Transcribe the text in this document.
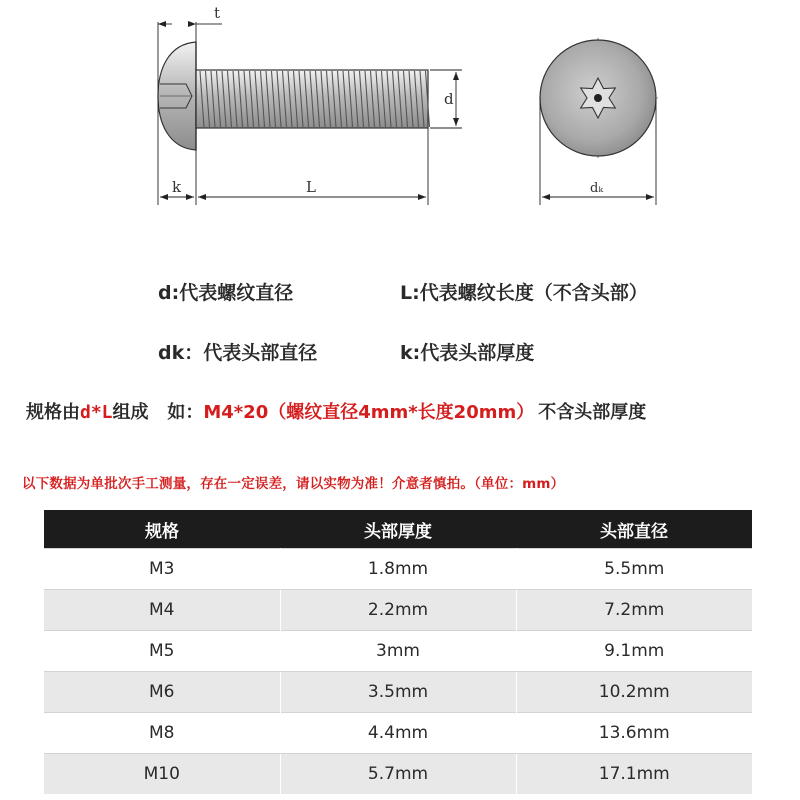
t
k	L
d
dₖ
d:代表螺纹直径	L:代表螺纹长度（不含头部）
dk：代表头部直径	k:代表头部厚度
规格由d*L组成   如：M4*20（螺纹直径4mm*长度20mm） 不含头部厚度
以下数据为单批次手工测量，存在一定误差，请以实物为准！介意者慎拍。（单位：mm）
规格	头部厚度	头部直径
M3	1.8mm	5.5mm
M4	2.2mm	7.2mm
M5	3mm	9.1mm
M6	3.5mm	10.2mm
M8	4.4mm	13.6mm
M10	5.7mm	17.1mm
